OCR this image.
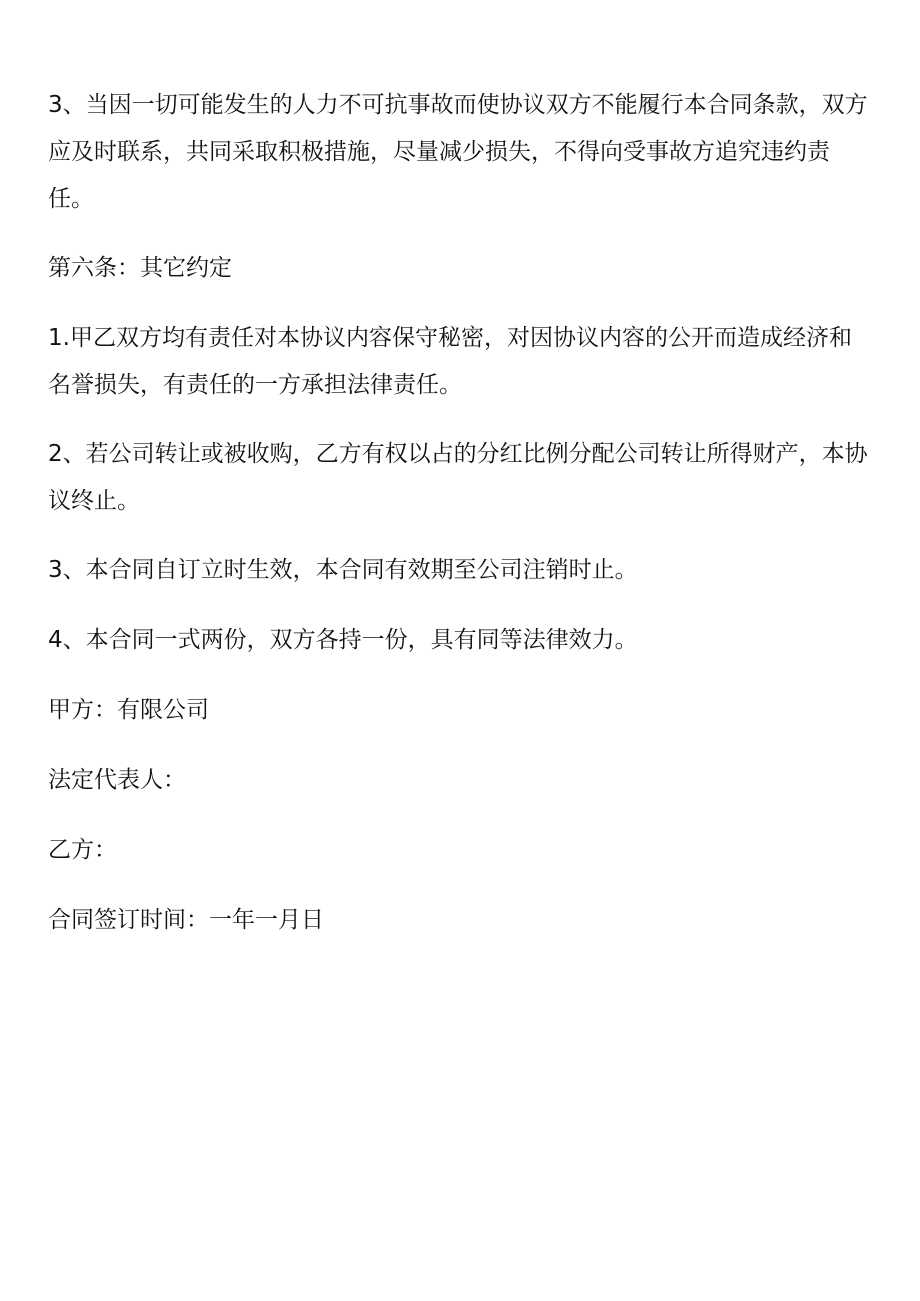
3、当因一切可能发生的人力不可抗事故而使协议双方不能履行本合同条款，双方应及时联系，共同采取积极措施，尽量减少损失，不得向受事故方追究违约责任。

第六条：其它约定

1.甲乙双方均有责任对本协议内容保守秘密，对因协议内容的公开而造成经济和名誉损失，有责任的一方承担法律责任。

2、若公司转让或被收购，乙方有权以占的分红比例分配公司转让所得财产，本协议终止。

3、本合同自订立时生效，本合同有效期至公司注销时止。

4、本合同一式两份，双方各持一份，具有同等法律效力。

甲方：有限公司

法定代表人：

乙方：

合同签订时间：一年一月日
